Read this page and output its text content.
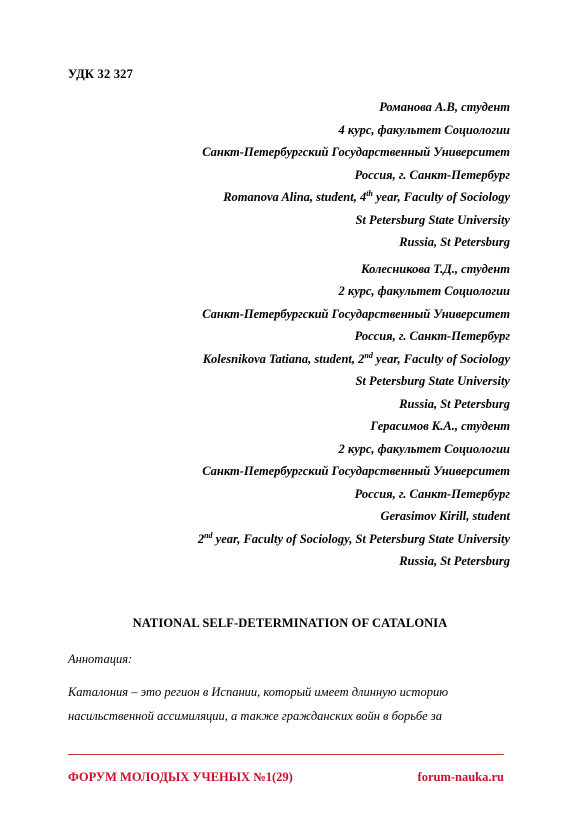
УДК 32 327
Романова А.В, студент
4 курс, факультет Социологии
Санкт-Петербургский Государственный Университет
Россия, г. Санкт-Петербург
Romanova Alina, student, 4th year, Faculty of Sociology
St Petersburg State University
Russia, St Petersburg
Колесникова Т.Д., студент
2 курс, факультет Социологии
Санкт-Петербургский Государственный Университет
Россия, г. Санкт-Петербург
Kolesnikova Tatiana, student, 2nd year, Faculty of Sociology
St Petersburg State University
Russia, St Petersburg
Герасимов К.А., студент
2 курс, факультет Социологии
Санкт-Петербургский Государственный Университет
Россия, г. Санкт-Петербург
Gerasimov Kirill, student
2nd year, Faculty of Sociology, St Petersburg State University
Russia, St Petersburg
NATIONAL SELF-DETERMINATION OF CATALONIA
Аннотация:
Каталония – это регион в Испании, который имеет длинную историю
насильственной ассимиляции, а также гражданских войн в борьбе за
ФОРУМ МОЛОДЫХ УЧЕНЫХ №1(29)	forum-nauka.ru
